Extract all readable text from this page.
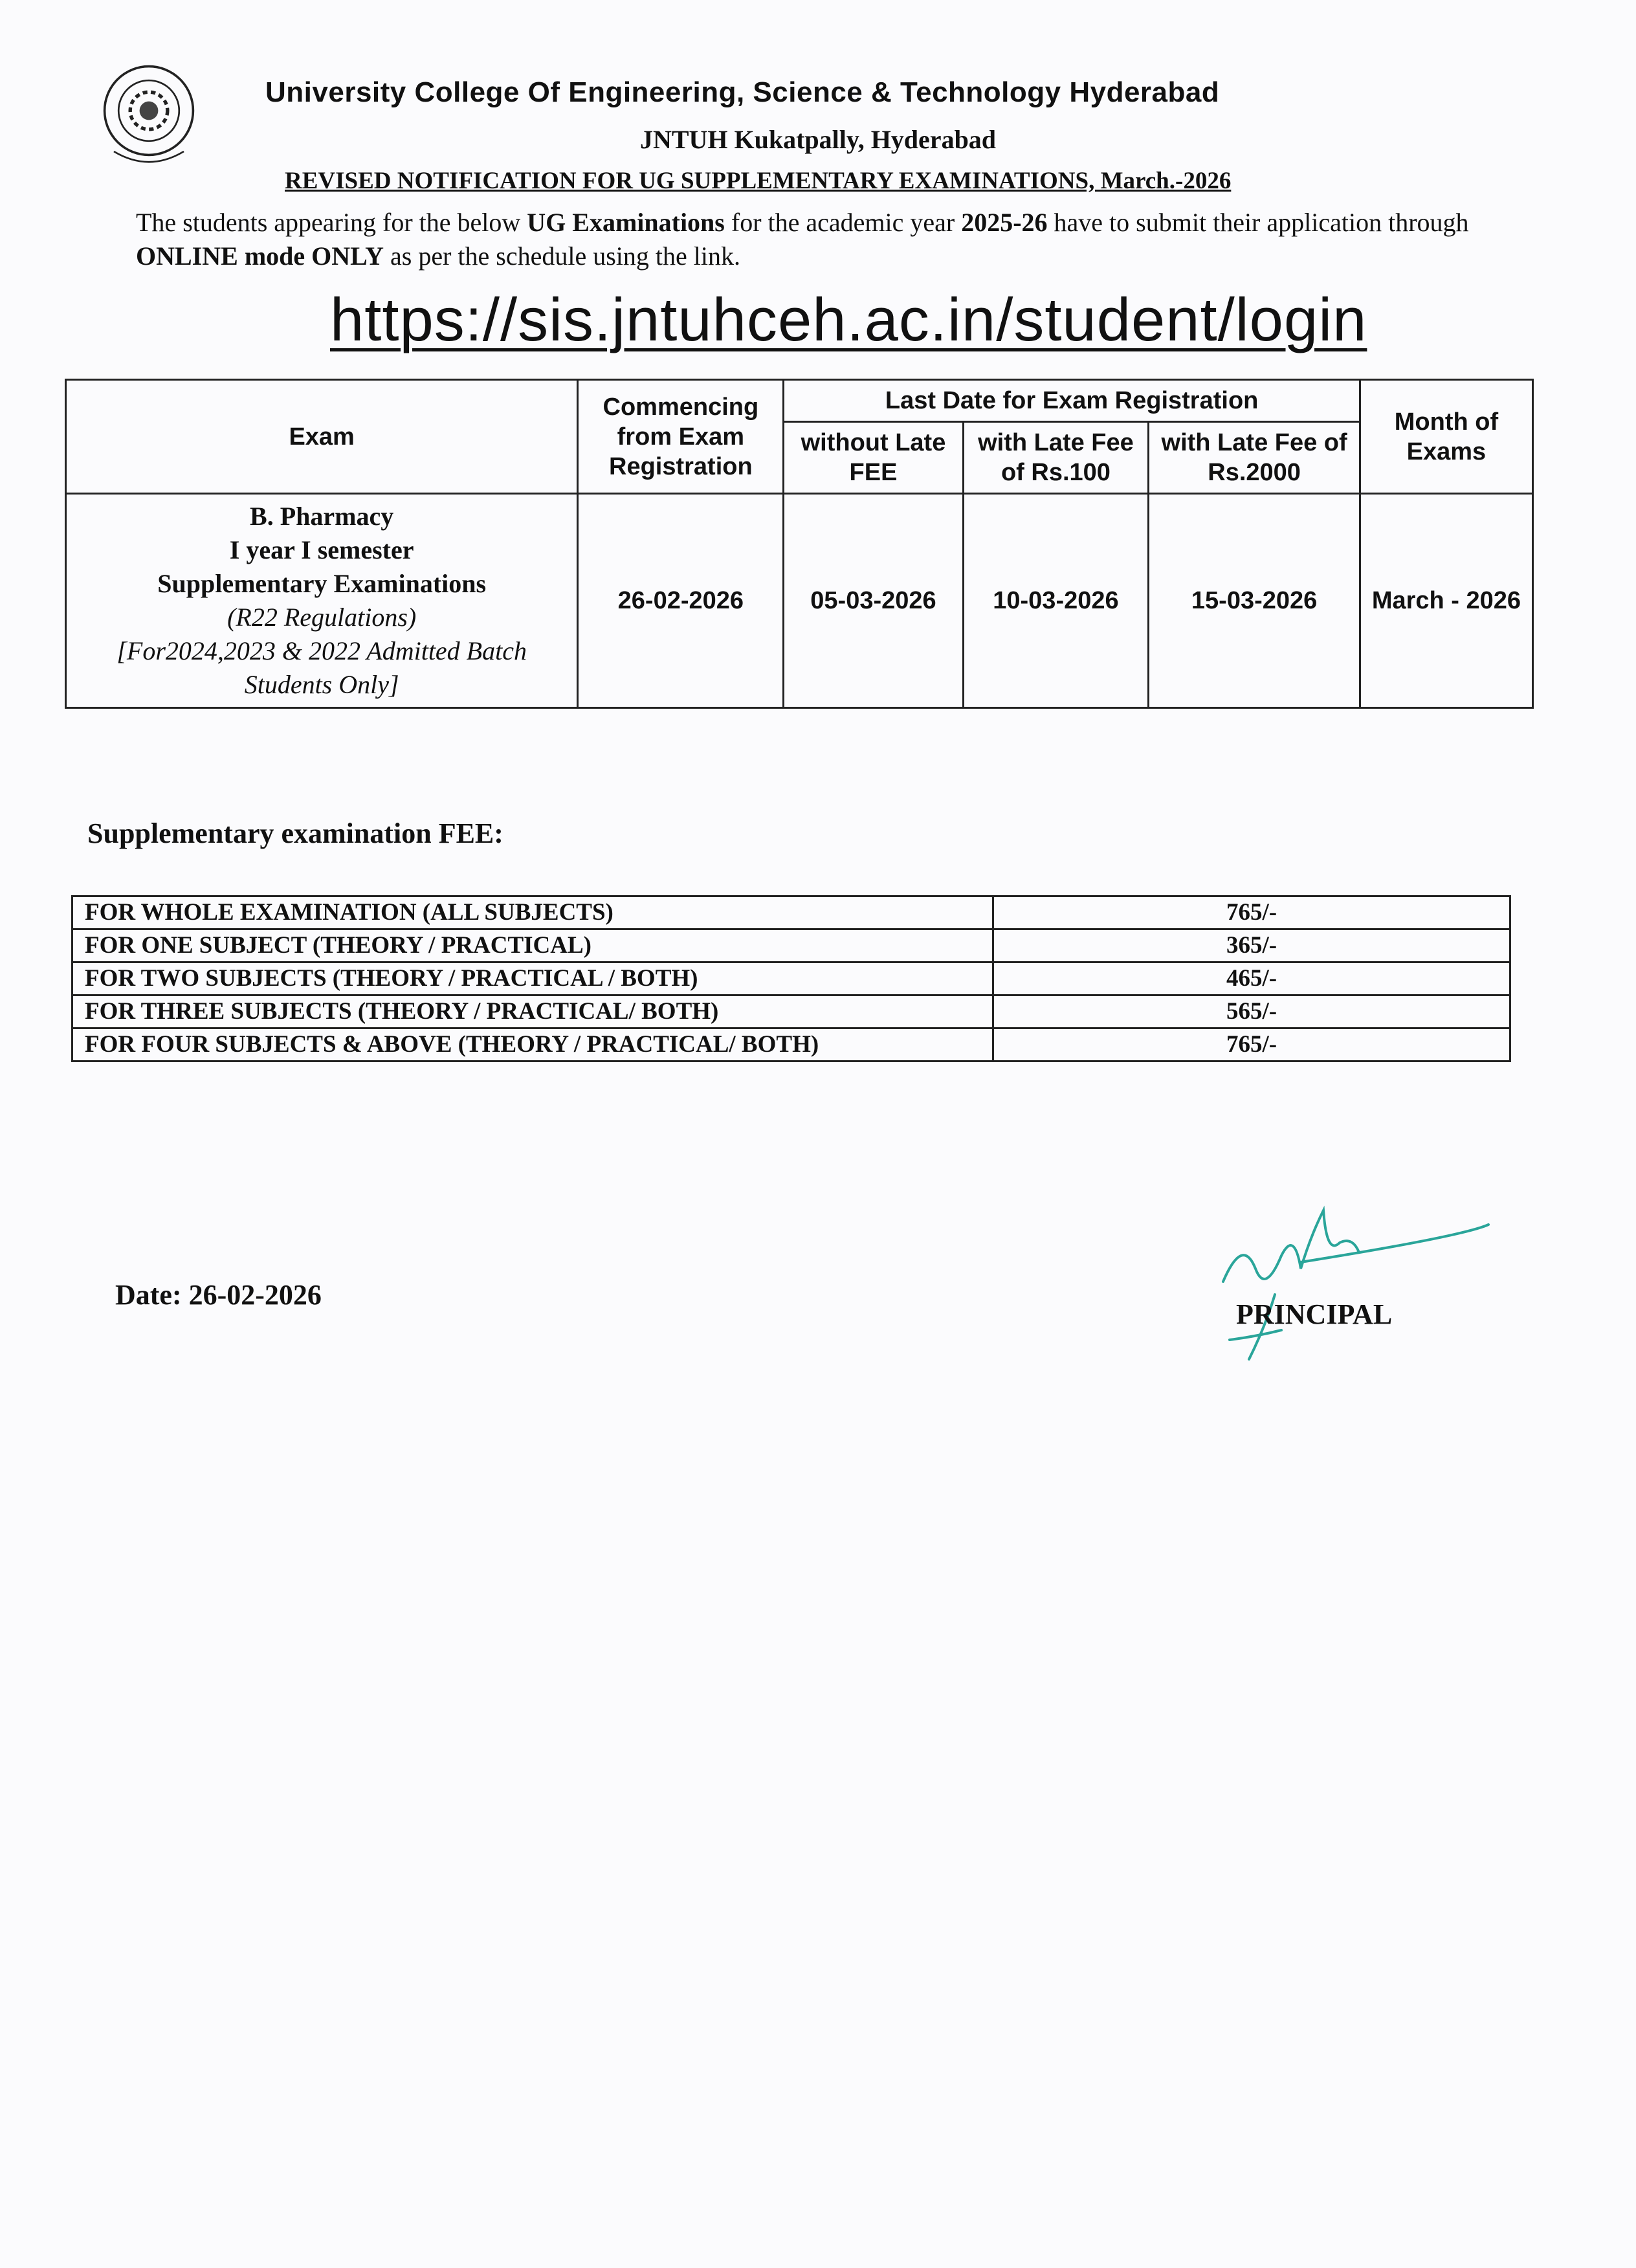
University College Of Engineering, Science & Technology Hyderabad
JNTUH Kukatpally, Hyderabad
REVISED NOTIFICATION FOR UG SUPPLEMENTARY EXAMINATIONS, March.-2026
The students appearing for the below UG Examinations for the academic year 2025-26 have to submit their application through ONLINE mode ONLY as per the schedule using the link.
https://sis.jntuhceh.ac.in/student/login
Exam	Commencing from Exam Registration	Last Date for Exam Registration			Month of Exams
		without Late FEE	with Late Fee of Rs.100	with Late Fee of Rs.2000	

B. Pharmacy
I year I semester
Supplementary Examinations
(R22 Regulations)
[For2024,2023 & 2022 Admitted Batch Students Only]	26-02-2026	05-03-2026	10-03-2026	15-03-2026	March - 2026
Supplementary examination FEE:
FOR WHOLE EXAMINATION (ALL SUBJECTS)	765/-
FOR ONE SUBJECT (THEORY / PRACTICAL)	365/-
FOR TWO SUBJECTS (THEORY / PRACTICAL / BOTH)	465/-
FOR THREE SUBJECTS (THEORY / PRACTICAL/ BOTH)	565/-
FOR FOUR SUBJECTS & ABOVE (THEORY / PRACTICAL/ BOTH)	765/-
Date: 26-02-2026
PRINCIPAL
